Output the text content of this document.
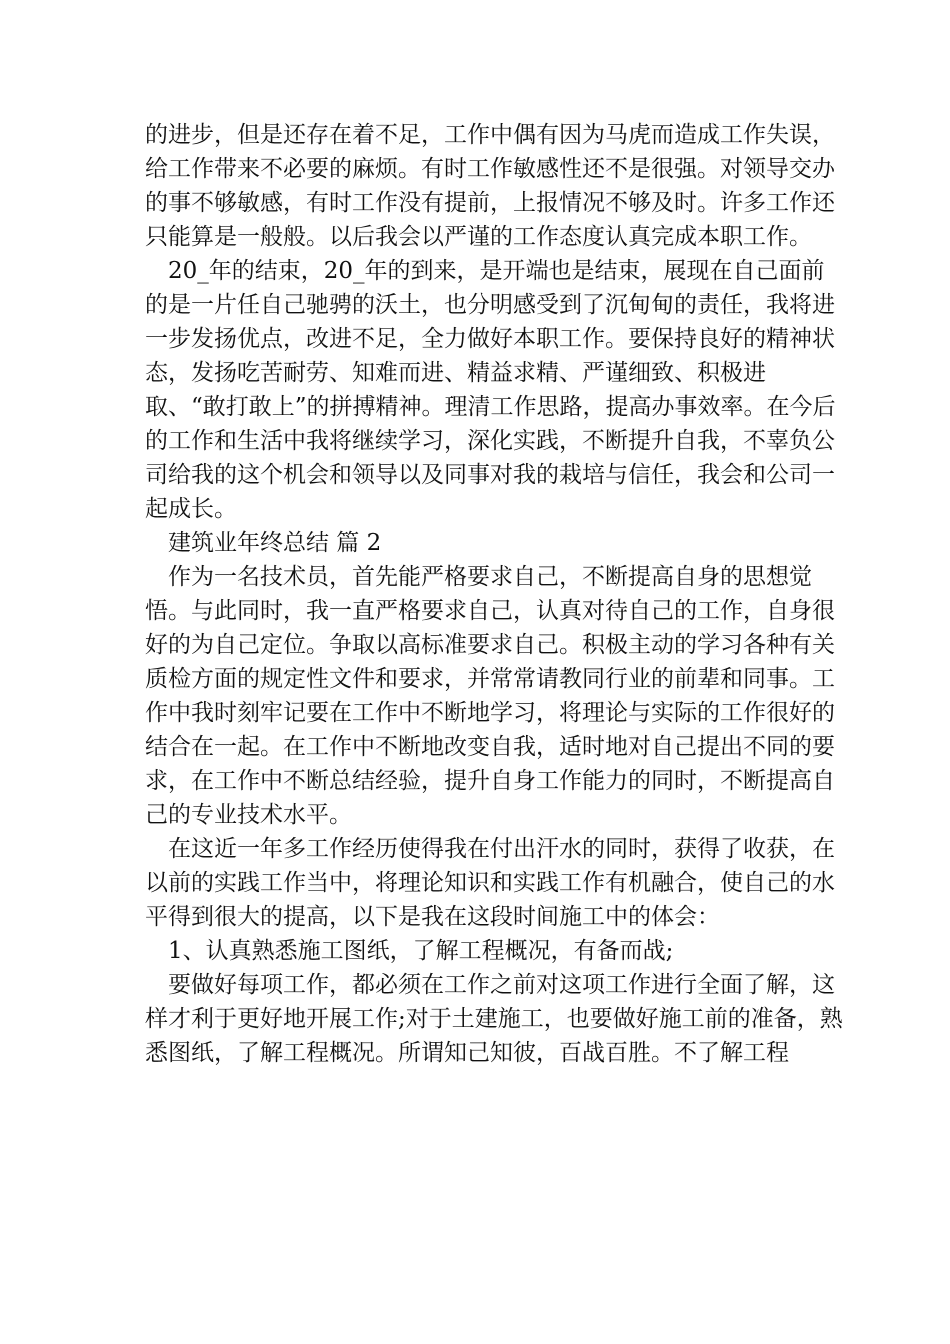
的进步，但是还存在着不足，工作中偶有因为马虎而造成工作失误，给工作带来不必要的麻烦。有时工作敏感性还不是很强。对领导交办的事不够敏感，有时工作没有提前，上报情况不够及时。许多工作还只能算是一般般。以后我会以严谨的工作态度认真完成本职工作。

20_年的结束，20_年的到来，是开端也是结束，展现在自己面前的是一片任自己驰骋的沃土，也分明感受到了沉甸甸的责任，我将进一步发扬优点，改进不足，全力做好本职工作。要保持良好的精神状态，发扬吃苦耐劳、知难而进、精益求精、严谨细致、积极进取、“敢打敢上”的拼搏精神。理清工作思路，提高办事效率。在今后的工作和生活中我将继续学习，深化实践，不断提升自我，不辜负公司给我的这个机会和领导以及同事对我的栽培与信任，我会和公司一起成长。

建筑业年终总结 篇 2

作为一名技术员，首先能严格要求自己，不断提高自身的思想觉悟。与此同时，我一直严格要求自己，认真对待自己的工作，自身很好的为自己定位。争取以高标准要求自己。积极主动的学习各种有关质检方面的规定性文件和要求，并常常请教同行业的前辈和同事。工作中我时刻牢记要在工作中不断地学习，将理论与实际的工作很好的结合在一起。在工作中不断地改变自我，适时地对自己提出不同的要求，在工作中不断总结经验，提升自身工作能力的同时，不断提高自己的专业技术水平。

在这近一年多工作经历使得我在付出汗水的同时，获得了收获，在以前的实践工作当中，将理论知识和实践工作有机融合，使自己的水平得到很大的提高，以下是我在这段时间施工中的体会：

1、认真熟悉施工图纸，了解工程概况，有备而战;

要做好每项工作，都必须在工作之前对这项工作进行全面了解，这样才利于更好地开展工作;对于土建施工，也要做好施工前的准备，熟悉图纸，了解工程概况。所谓知己知彼，百战百胜。不了解工程
